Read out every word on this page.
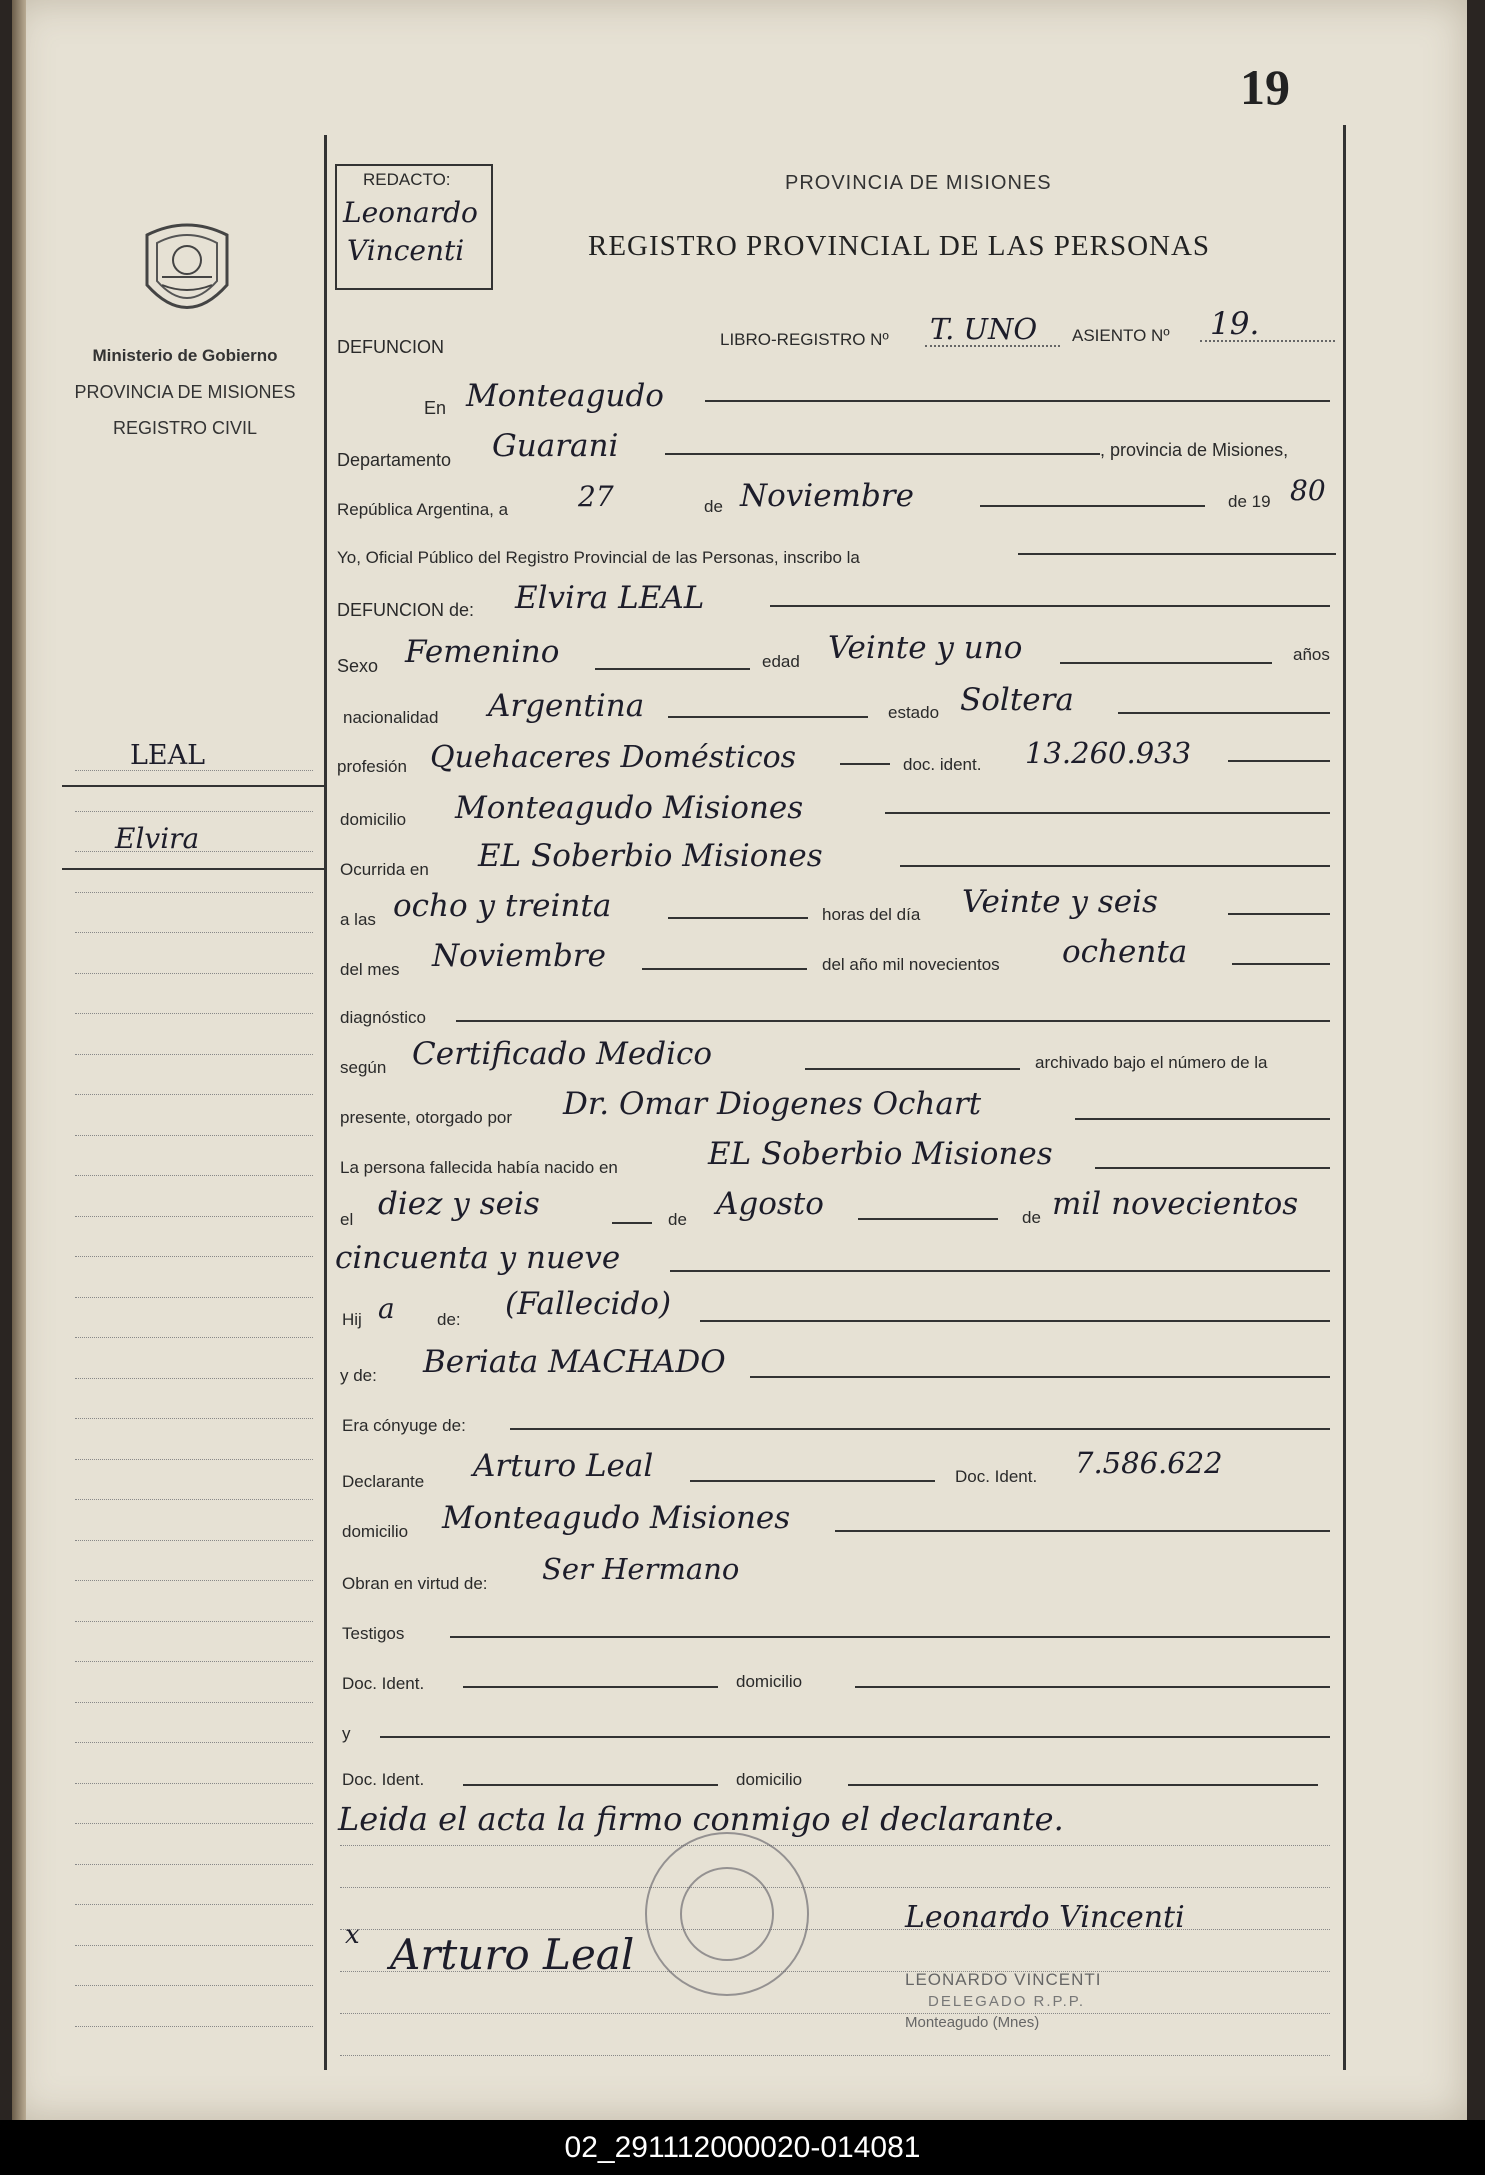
19
Ministerio de Gobierno
PROVINCIA DE MISIONES
REGISTRO CIVIL
LEAL
Elvira
REDACTO:
Leonardo
Vincenti
PROVINCIA DE MISIONES
REGISTRO PROVINCIAL DE LAS PERSONAS
DEFUNCION	LIBRO-REGISTRO Nº T. UNO ASIENTO Nº 19.
En Monteagudo
Departamento Guarani	, provincia de Misiones,
República Argentina, a 27	de Noviembre	de 19 80
Yo, Oficial Público del Registro Provincial de las Personas, inscribo la
DEFUNCION de: Elvira LEAL
Sexo Femenino	edad Veinte y uno	años
nacionalidad Argentina	estado Soltera
profesión Quehaceres Domésticos	doc. ident. 13.260.933
domicilio Monteagudo Misiones
Ocurrida en EL Soberbio Misiones
a las ocho y treinta	horas del día Veinte y seis
del mes Noviembre	del año mil novecientos ochenta
diagnóstico
según Certificado Medico	archivado bajo el número de la
presente, otorgado por Dr. Omar Diogenes Ochart
La persona fallecida había nacido en	EL Soberbio Misiones
el diez y seis	de Agosto	de mil novecientos
cincuenta y nueve
Hij a de: (Fallecido)
y de: Beriata MACHADO
Era cónyuge de:
Declarante Arturo Leal	Doc. Ident. 7.586.622
domicilio Monteagudo Misiones
Obran en virtud de: Ser Hermano
Testigos
Doc. Ident.	domicilio
y
Doc. Ident.	domicilio
Leida el acta la firmo conmigo el declarante.
x Arturo Leal
Leonardo Vincenti
LEONARDO VINCENTI
DELEGADO R.P.P.
Monteagudo (Mnes)
02_291112000020-014081
